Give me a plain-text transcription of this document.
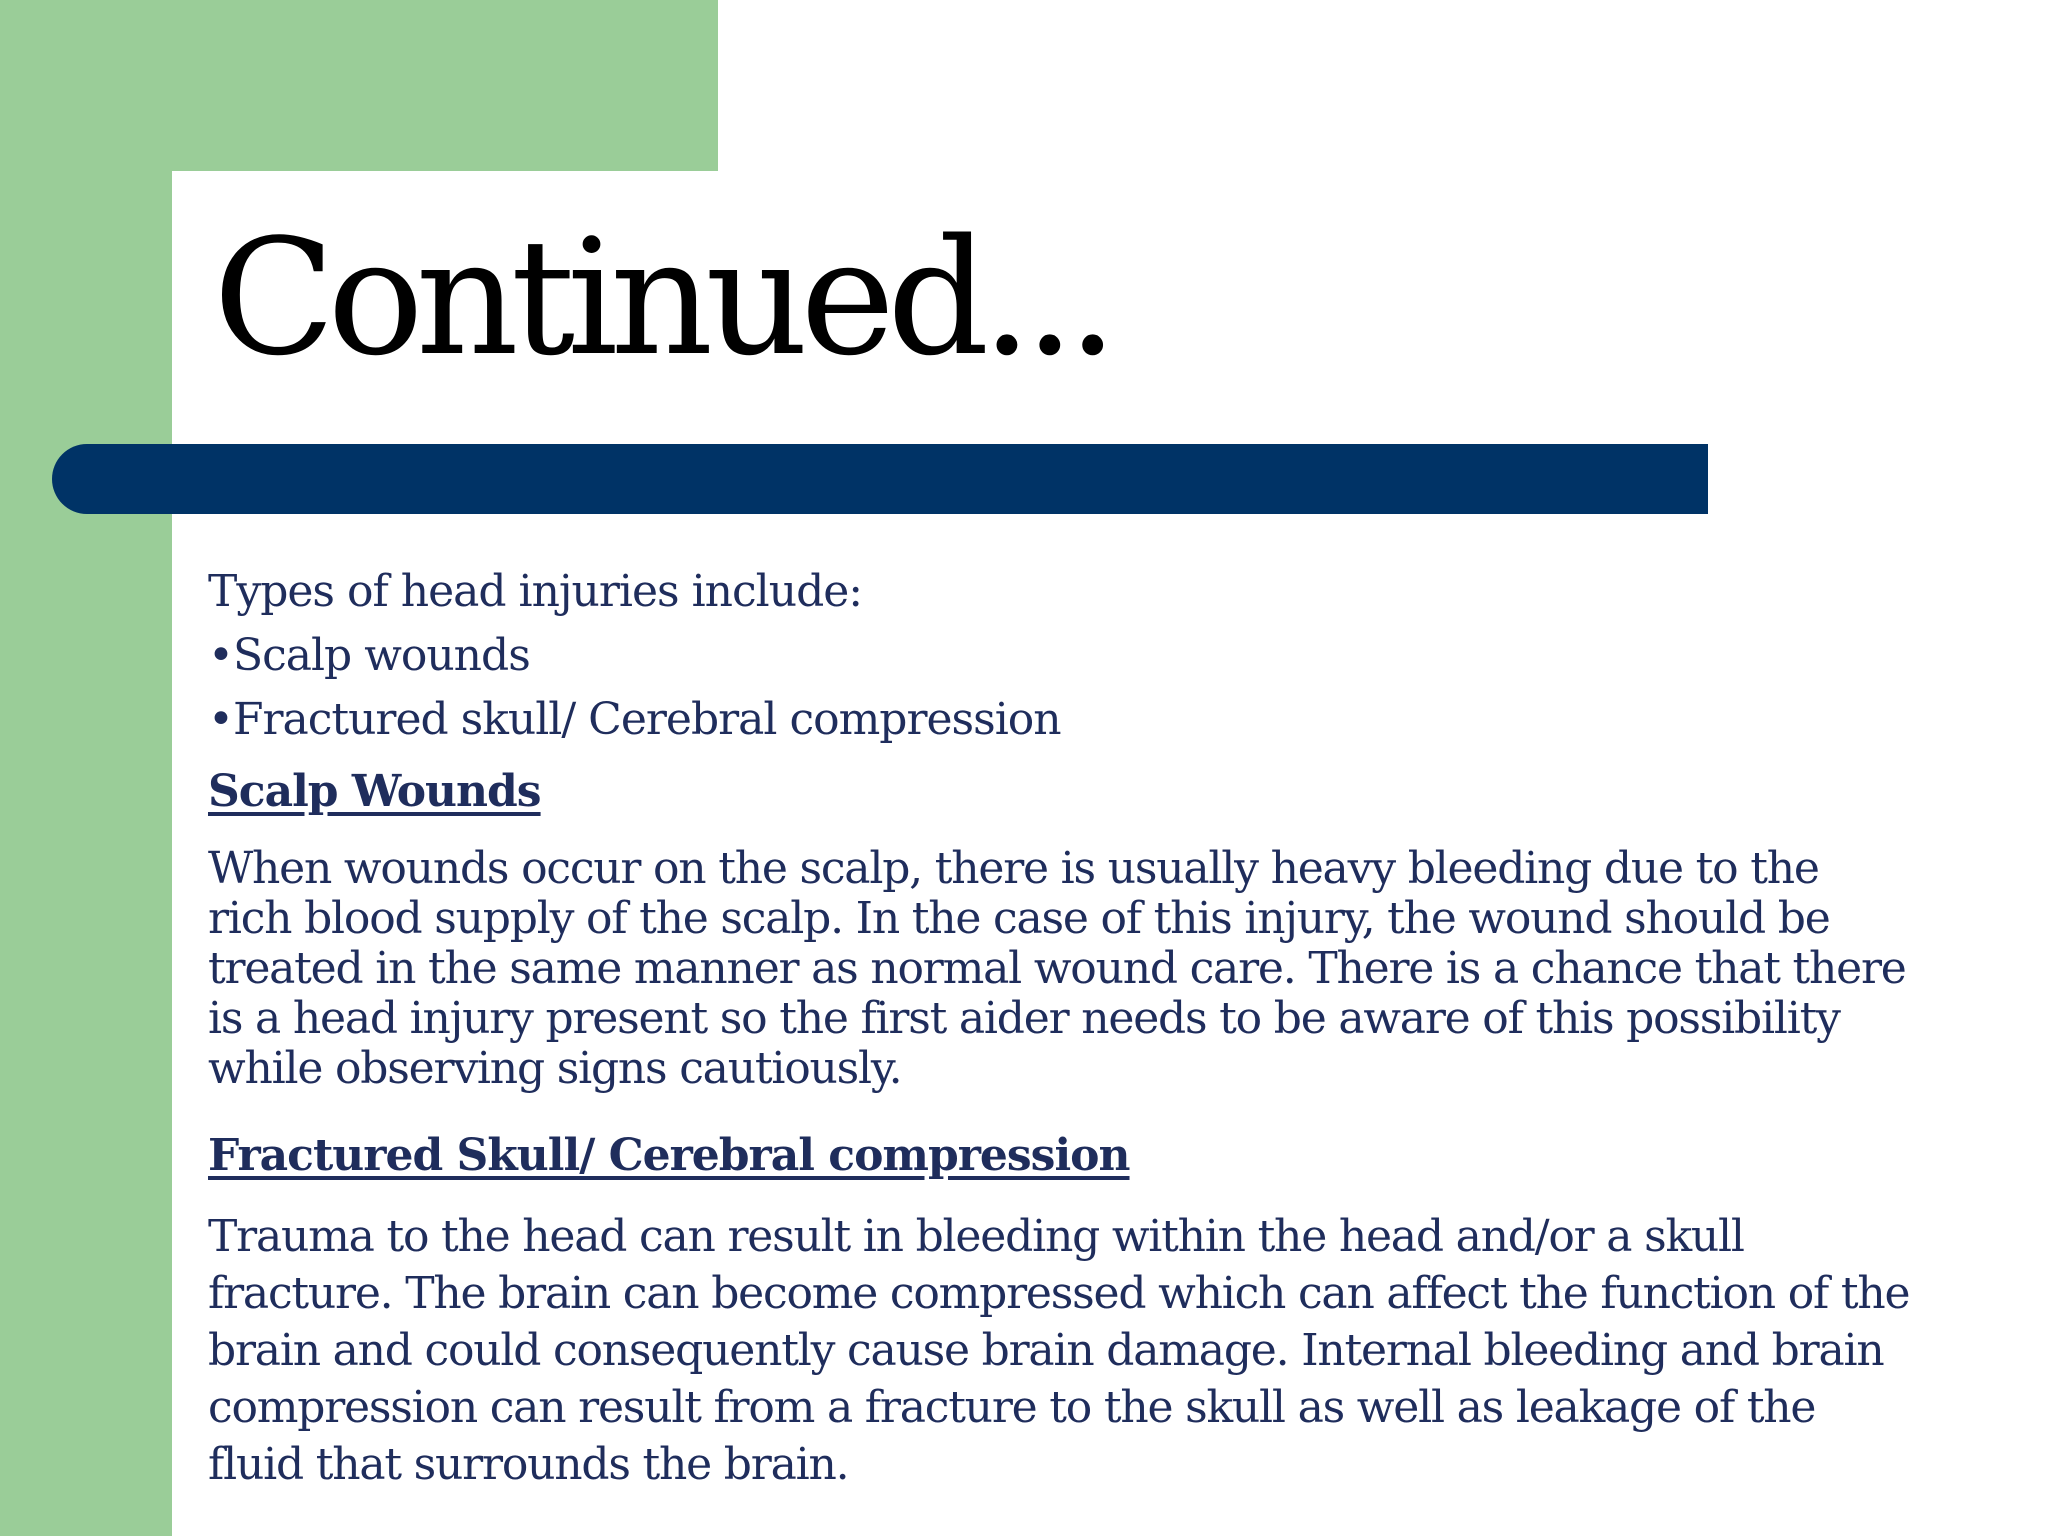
Continued...
Types of head injuries include:
•Scalp wounds
•Fractured skull/ Cerebral compression
Scalp Wounds
When wounds occur on the scalp, there is usually heavy bleeding due to the
rich blood supply of the scalp. In the case of this injury, the wound should be
treated in the same manner as normal wound care. There is a chance that there
is a head injury present so the first aider needs to be aware of this possibility
while observing signs cautiously.
Fractured Skull/ Cerebral compression
Trauma to the head can result in bleeding within the head and/or a skull
fracture. The brain can become compressed which can affect the function of the
brain and could consequently cause brain damage. Internal bleeding and brain
compression can result from a fracture to the skull as well as leakage of the
fluid that surrounds the brain.
